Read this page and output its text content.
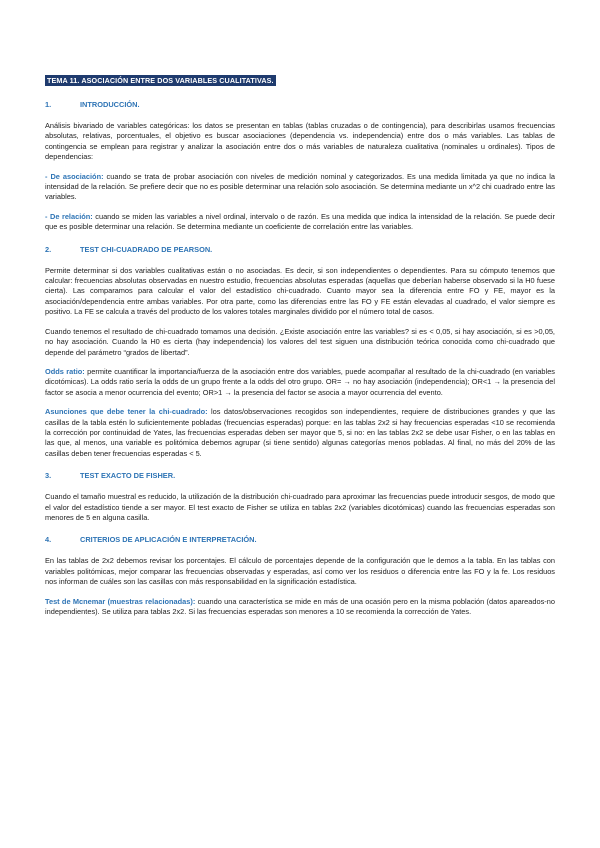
TEMA 11. ASOCIACIÓN ENTRE DOS VARIABLES CUALITATIVAS.
1.	INTRODUCCIÓN.

Análisis bivariado de variables categóricas: los datos se presentan en tablas (tablas cruzadas o de contingencia), para describirlas usamos frecuencias absolutas, relativas, porcentuales, el objetivo es buscar asociaciones (dependencia vs. independencia) entre dos o más variables. Las tablas de contingencia se emplean para registrar y analizar la asociación entre dos o más variables de naturaleza cualitativa (nominales u ordinales). Tipos de dependencias:

- De asociación: cuando se trata de probar asociación con niveles de medición nominal y categorizados. Es una medida limitada ya que no indica la intensidad de la relación. Se prefiere decir que no es posible determinar una relación solo asociación. Se determina mediante un x^2 chi cuadrado entre las variables.

- De relación: cuando se miden las variables a nivel ordinal, intervalo o de razón. Es una medida que indica la intensidad de la relación. Se puede decir que es posible determinar una relación. Se determina mediante un coeficiente de correlación entre las variables.

2.	TEST CHI-CUADRADO DE PEARSON.

Permite determinar si dos variables cualitativas están o no asociadas. Es decir, si son independientes o dependientes. Para su cómputo tenemos que calcular: frecuencias absolutas observadas en nuestro estudio, frecuencias absolutas esperadas (aquellas que deberían haberse observado si la H0 fuese cierta). Las comparamos para calcular el valor del estadístico chi-cuadrado. Cuanto mayor sea la diferencia entre FO y FE, mayor es la asociación/dependencia entre ambas variables. Por otra parte, como las diferencias entre las FO y FE están elevadas al cuadrado, el valor siempre es positivo. La FE se calcula a través del producto de los valores totales marginales dividido por el número total de casos.

Cuando tenemos el resultado de chi-cuadrado tomamos una decisión. ¿Existe asociación entre las variables? si es < 0,05, si hay asociación, si es >0,05, no hay asociación. Cuando la H0 es cierta (hay independencia) los valores del test siguen una distribución teórica conocida como chi-cuadrado que depende del parámetro “grados de libertad”.

Odds ratio: permite cuantificar la importancia/fuerza de la asociación entre dos variables, puede acompañar al resultado de la chi-cuadrado (en variables dicotómicas). La odds ratio sería la odds de un grupo frente a la odds del otro grupo. OR= → no hay asociación (independencia); OR<1 → la presencia del factor se asocia a menor ocurrencia del evento; OR>1 → la presencia del factor se asocia a mayor ocurrencia del evento.

Asunciones que debe tener la chi-cuadrado: los datos/observaciones recogidos son independientes, requiere de distribuciones grandes y que las casillas de la tabla estén lo suficientemente pobladas (frecuencias esperadas) porque: en las tablas 2x2 si hay frecuencias esperadas <10 se recomienda la corrección por continuidad de Yates, las frecuencias esperadas deben ser mayor que 5, si no: en las tablas 2x2 se debe usar Fisher, o en las tablas en las que, al menos, una variable es politómica debemos agrupar (si tiene sentido) algunas categorías menos pobladas. Al final, no más del 20% de las casillas deben tener frecuencias esperadas < 5.

3.	TEST EXACTO DE FISHER.

Cuando el tamaño muestral es reducido, la utilización de la distribución chi-cuadrado para aproximar las frecuencias puede introducir sesgos, de modo que el valor del estadístico tiende a ser mayor. El test exacto de Fisher se utiliza en tablas 2x2 (variables dicotómicas) cuando las frecuencias esperadas son menores de 5 en alguna casilla.

4.	CRITERIOS DE APLICACIÓN E INTERPRETACIÓN.

En las tablas de 2x2 debemos revisar los porcentajes. El cálculo de porcentajes depende de la configuración que le demos a la tabla. En las tablas con variables politómicas, mejor comparar las frecuencias observadas y esperadas, así como ver los residuos o diferencia entre las FO y la fe. Los residuos nos informan de cuáles son las casillas con más responsabilidad en la significación estadística.

Test de Mcnemar (muestras relacionadas): cuando una característica se mide en más de una ocasión pero en la misma población (datos apareados-no independientes). Se utiliza para tablas 2x2. Si las frecuencias esperadas son menores a 10 se recomienda la corrección de Yates.
